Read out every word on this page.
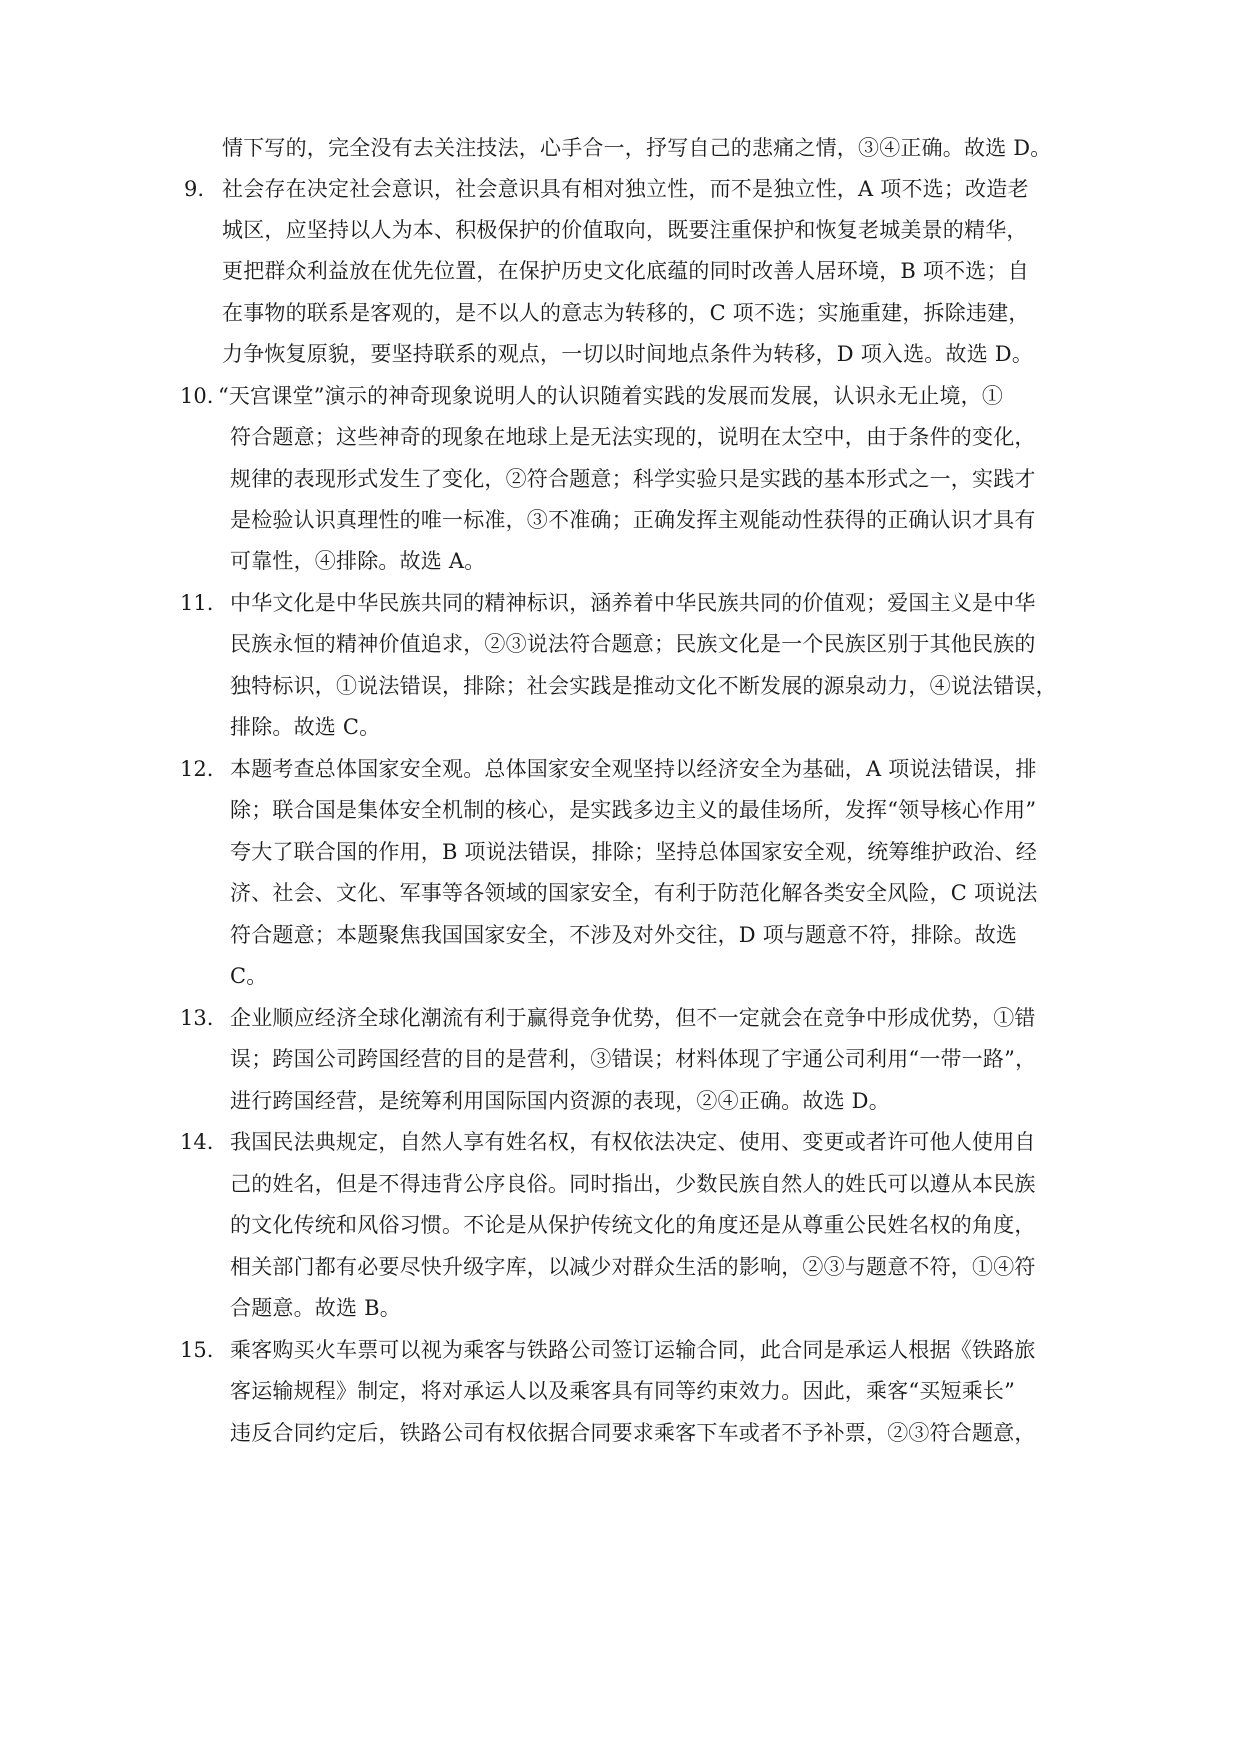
情下写的，完全没有去关注技法，心手合一，抒写自己的悲痛之情，③④正确。故选 D。
9. 社会存在决定社会意识，社会意识具有相对独立性，而不是独立性，A 项不选；改造老
城区，应坚持以人为本、积极保护的价值取向，既要注重保护和恢复老城美景的精华，
更把群众利益放在优先位置，在保护历史文化底蕴的同时改善人居环境，B 项不选；自
在事物的联系是客观的，是不以人的意志为转移的，C 项不选；实施重建，拆除违建，
力争恢复原貌，要坚持联系的观点，一切以时间地点条件为转移，D 项入选。故选 D。
10. “天宫课堂”演示的神奇现象说明人的认识随着实践的发展而发展，认识永无止境，①
符合题意；这些神奇的现象在地球上是无法实现的，说明在太空中，由于条件的变化，
规律的表现形式发生了变化，②符合题意；科学实验只是实践的基本形式之一，实践才
是检验认识真理性的唯一标准，③不准确；正确发挥主观能动性获得的正确认识才具有
可靠性，④排除。故选 A。
11. 中华文化是中华民族共同的精神标识，涵养着中华民族共同的价值观；爱国主义是中华
民族永恒的精神价值追求，②③说法符合题意；民族文化是一个民族区别于其他民族的
独特标识，①说法错误，排除；社会实践是推动文化不断发展的源泉动力，④说法错误，
排除。故选 C。
12. 本题考查总体国家安全观。总体国家安全观坚持以经济安全为基础，A 项说法错误，排
除；联合国是集体安全机制的核心，是实践多边主义的最佳场所，发挥“领导核心作用”
夸大了联合国的作用，B 项说法错误，排除；坚持总体国家安全观，统筹维护政治、经
济、社会、文化、军事等各领域的国家安全，有利于防范化解各类安全风险，C 项说法
符合题意；本题聚焦我国国家安全，不涉及对外交往，D 项与题意不符，排除。故选
C。
13. 企业顺应经济全球化潮流有利于赢得竞争优势，但不一定就会在竞争中形成优势，①错
误；跨国公司跨国经营的目的是营利，③错误；材料体现了宇通公司利用“一带一路”，
进行跨国经营，是统筹利用国际国内资源的表现，②④正确。故选 D。
14. 我国民法典规定，自然人享有姓名权，有权依法决定、使用、变更或者许可他人使用自
己的姓名，但是不得违背公序良俗。同时指出，少数民族自然人的姓氏可以遵从本民族
的文化传统和风俗习惯。不论是从保护传统文化的角度还是从尊重公民姓名权的角度，
相关部门都有必要尽快升级字库，以减少对群众生活的影响，②③与题意不符，①④符
合题意。故选 B。
15. 乘客购买火车票可以视为乘客与铁路公司签订运输合同，此合同是承运人根据《铁路旅
客运输规程》制定，将对承运人以及乘客具有同等约束效力。因此，乘客“买短乘长”
违反合同约定后，铁路公司有权依据合同要求乘客下车或者不予补票，②③符合题意，
